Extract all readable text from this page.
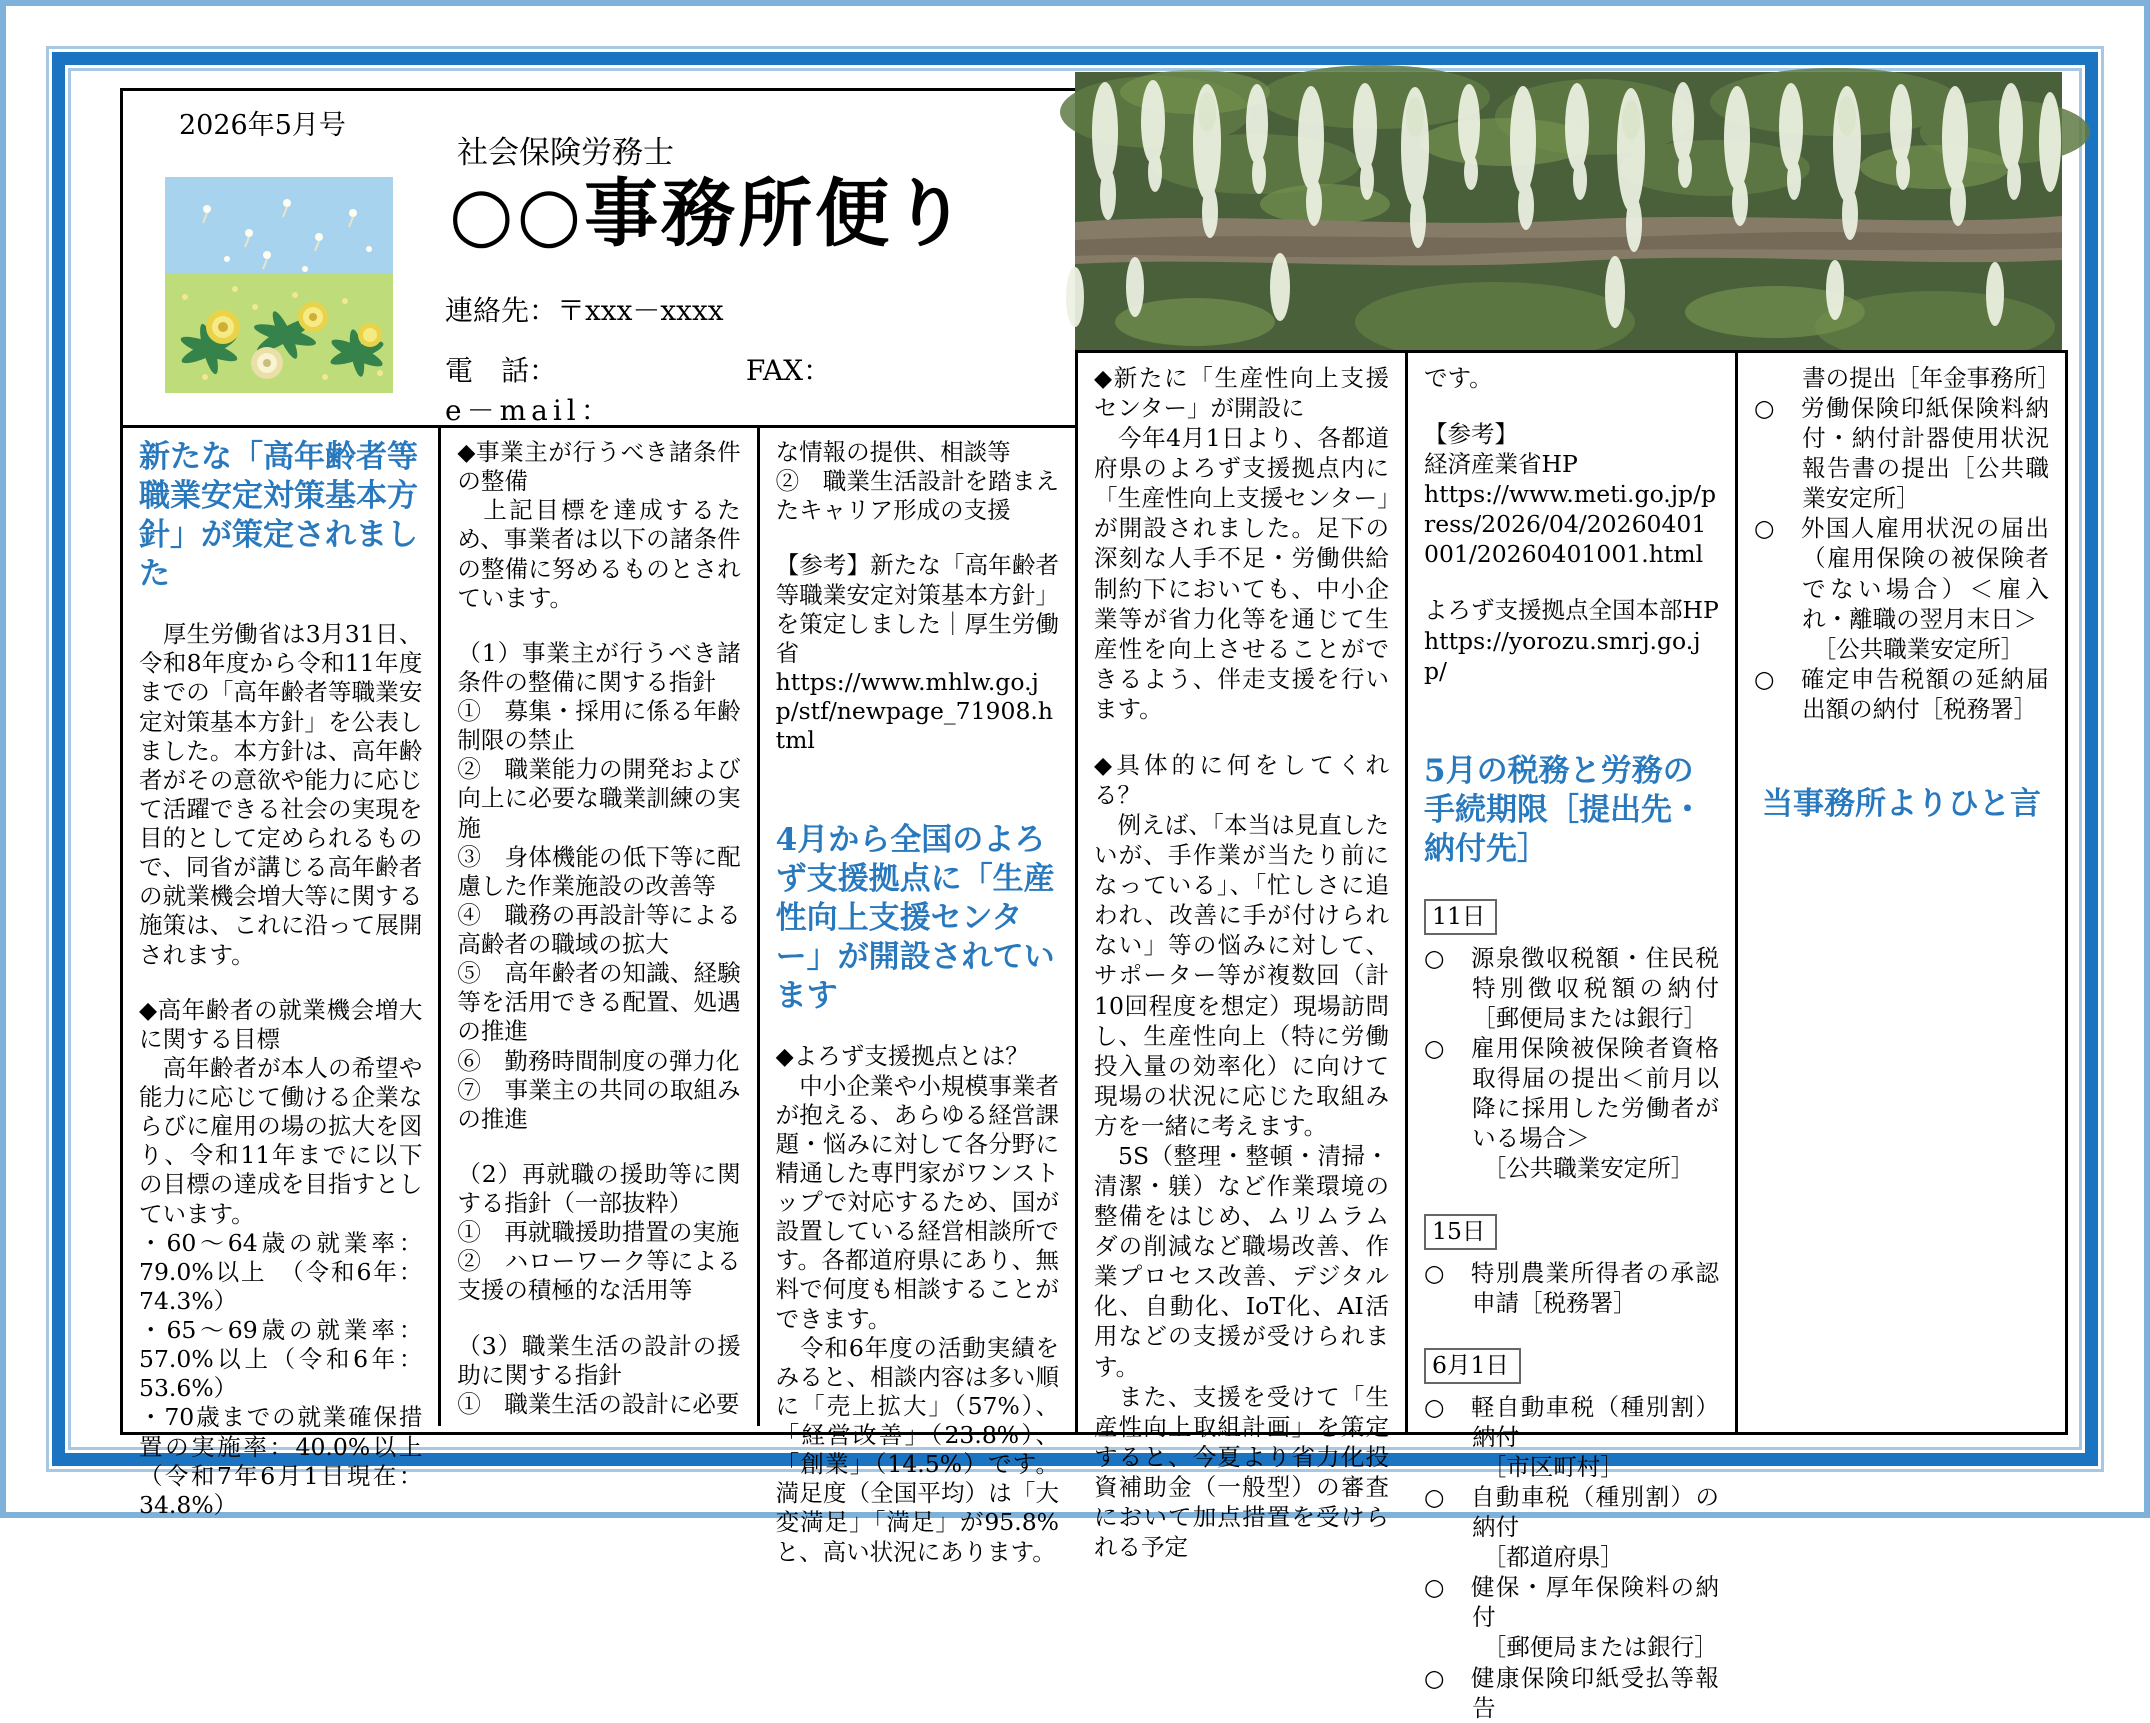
2026年5月号
社会保険労務士
○○事務所便り
連絡先：〒xxx－xxxx
電　話：	FAX：
e－mail：
新たな「高年齢者等職業安定対策基本方針」が策定されました

　厚生労働省は3月31日、令和8年度から令和11年度までの「高年齢者等職業安定対策基本方針」を公表しました。本方針は、高年齢者がその意欲や能力に応じて活躍できる社会の実現を目的として定められるもので、同省が講じる高年齢者の就業機会増大等に関する施策は、これに沿って展開されます。

◆高年齢者の就業機会増大に関する目標

　高年齢者が本人の希望や能力に応じて働ける企業ならびに雇用の場の拡大を図り、令和11年までに以下の目標の達成を目指すとしています。

・60～64歳の就業率：79.0%以上　（令和6年：74.3%）

・65～69歳の就業率：57.0%以上（令和6年：53.6%）

・70歳までの就業確保措置の実施率：40.0%以上（令和7年6月1日現在：34.8%）

◆事業主が行うべき諸条件の整備

　上記目標を達成するため、事業者は以下の諸条件の整備に努めるものとされています。

（1）事業主が行うべき諸条件の整備に関する指針

①　募集・採用に係る年齢制限の禁止

②　職業能力の開発および向上に必要な職業訓練の実施

③　身体機能の低下等に配慮した作業施設の改善等

④　職務の再設計等による高齢者の職域の拡大

⑤　高年齢者の知識、経験等を活用できる配置、処遇の推進

⑥　勤務時間制度の弾力化

⑦　事業主の共同の取組みの推進

（2）再就職の援助等に関する指針（一部抜粋）

①　再就職援助措置の実施

②　ハローワーク等による支援の積極的な活用等

（3）職業生活の設計の援助に関する指針

①　職業生活の設計に必要

な情報の提供、相談等

②　職業生活設計を踏まえたキャリア形成の支援

【参考】新たな「高年齢者等職業安定対策基本方針」を策定しました｜厚生労働省

https://www.mhlw.go.jp/stf/newpage_71908.html

4月から全国のよろず支援拠点に「生産性向上支援センター」が開設されています

◆よろず支援拠点とは？

　中小企業や小規模事業者が抱える、あらゆる経営課題・悩みに対して各分野に精通した専門家がワンストップで対応するため、国が設置している経営相談所です。各都道府県にあり、無料で何度も相談することができます。

　令和6年度の活動実績をみると、相談内容は多い順に「売上拡大」（57%）、「経営改善」（23.8%）、「創業」（14.5%）です。満足度（全国平均）は「大変満足」「満足」が95.8%と、高い状況にあります。

◆新たに「生産性向上支援センター」が開設に

　今年4月1日より、各都道府県のよろず支援拠点内に「生産性向上支援センター」が開設されました。足下の深刻な人手不足・労働供給制約下においても、中小企業等が省力化等を通じて生産性を向上させることができるよう、伴走支援を行います。

◆具体的に何をしてくれる？

　例えば、「本当は見直したいが、手作業が当たり前になっている」、「忙しさに追われ、改善に手が付けられない」等の悩みに対して、サポーター等が複数回（計10回程度を想定）現場訪問し、生産性向上（特に労働投入量の効率化）に向けて現場の状況に応じた取組み方を一緒に考えます。

　5S（整理・整頓・清掃・清潔・躾）など作業環境の整備をはじめ、ムリムラムダの削減など職場改善、作業プロセス改善、デジタル化、自動化、IoT化、AI活用などの支援が受けられます。

　また、支援を受けて「生産性向上取組計画」を策定すると、今夏より省力化投資補助金（一般型）の審査において加点措置を受けられる予定

です。

【参考】

経済産業省HP

https://www.meti.go.jp/press/2026/04/20260401001/20260401001.html

よろず支援拠点全国本部HP

https://yorozu.smrj.go.jp/

5月の税務と労務の手続期限［提出先・納付先］
11日

○　源泉徴収税額・住民税特別徴収税額の納付［郵便局または銀行］

○　雇用保険被保険者資格取得届の提出＜前月以降に採用した労働者がいる場合＞

［公共職業安定所］

15日

○　特別農業所得者の承認申請［税務署］

6月1日

○　軽自動車税（種別割）納付

［市区町村］

○　自動車税（種別割）の納付

［都道府県］

○　健保・厚年保険料の納付

［郵便局または銀行］

○　健康保険印紙受払等報告

書の提出［年金事務所］

○　労働保険印紙保険料納付・納付計器使用状況報告書の提出［公共職業安定所］

○　外国人雇用状況の届出（雇用保険の被保険者でない場合）＜雇入れ・離職の翌月末日＞

［公共職業安定所］

○　確定申告税額の延納届出額の納付［税務署］

当事務所よりひと言
